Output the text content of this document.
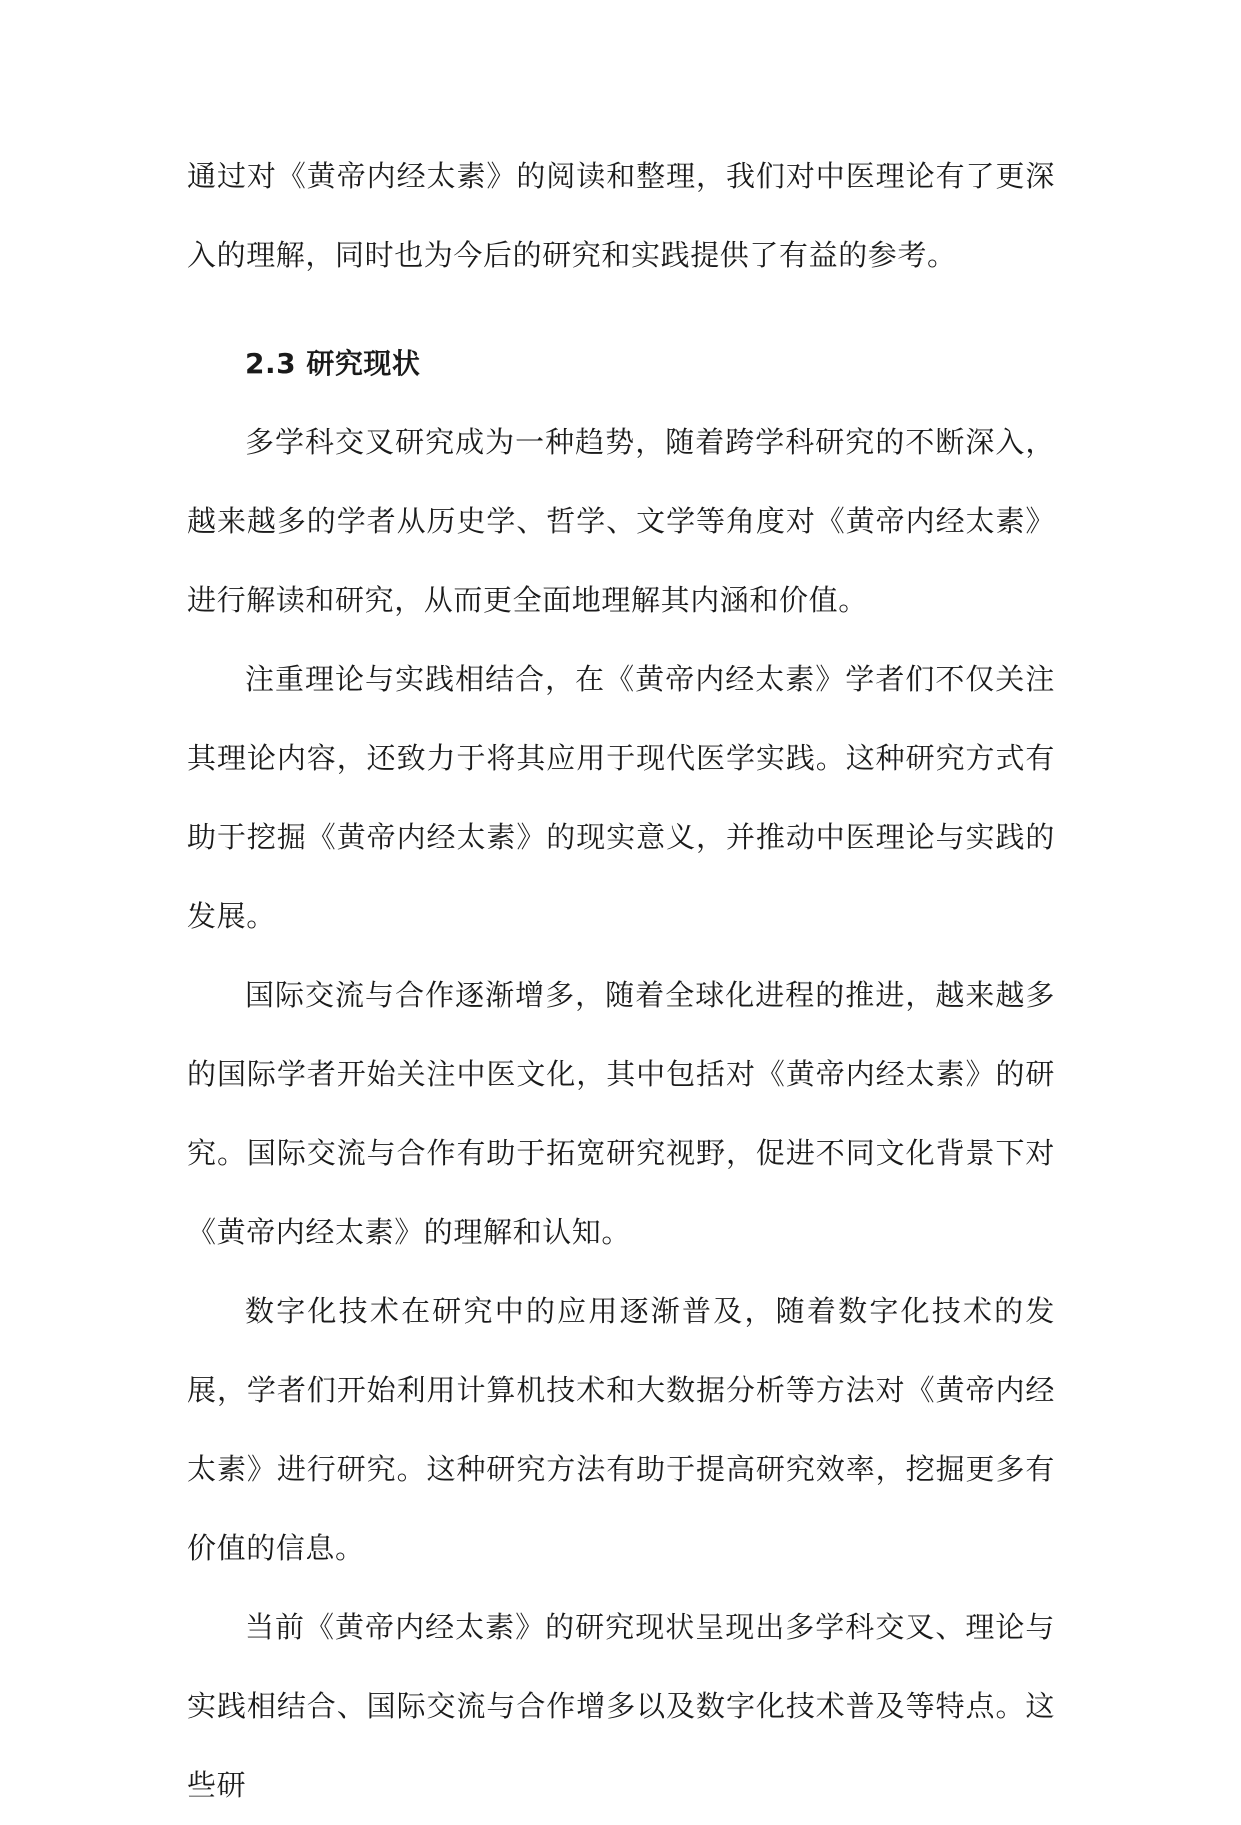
通过对《黄帝内经太素》的阅读和整理，我们对中医理论有了更深入的理解，同时也为今后的研究和实践提供了有益的参考。

2.3 研究现状

多学科交叉研究成为一种趋势，随着跨学科研究的不断深入，越来越多的学者从历史学、哲学、文学等角度对《黄帝内经太素》进行解读和研究，从而更全面地理解其内涵和价值。

注重理论与实践相结合，在《黄帝内经太素》学者们不仅关注其理论内容，还致力于将其应用于现代医学实践。这种研究方式有助于挖掘《黄帝内经太素》的现实意义，并推动中医理论与实践的发展。

国际交流与合作逐渐增多，随着全球化进程的推进，越来越多的国际学者开始关注中医文化，其中包括对《黄帝内经太素》的研究。国际交流与合作有助于拓宽研究视野，促进不同文化背景下对《黄帝内经太素》的理解和认知。

数字化技术在研究中的应用逐渐普及，随着数字化技术的发展，学者们开始利用计算机技术和大数据分析等方法对《黄帝内经太素》进行研究。这种研究方法有助于提高研究效率，挖掘更多有价值的信息。

当前《黄帝内经太素》的研究现状呈现出多学科交叉、理论与实践相结合、国际交流与合作增多以及数字化技术普及等特点。这些研
